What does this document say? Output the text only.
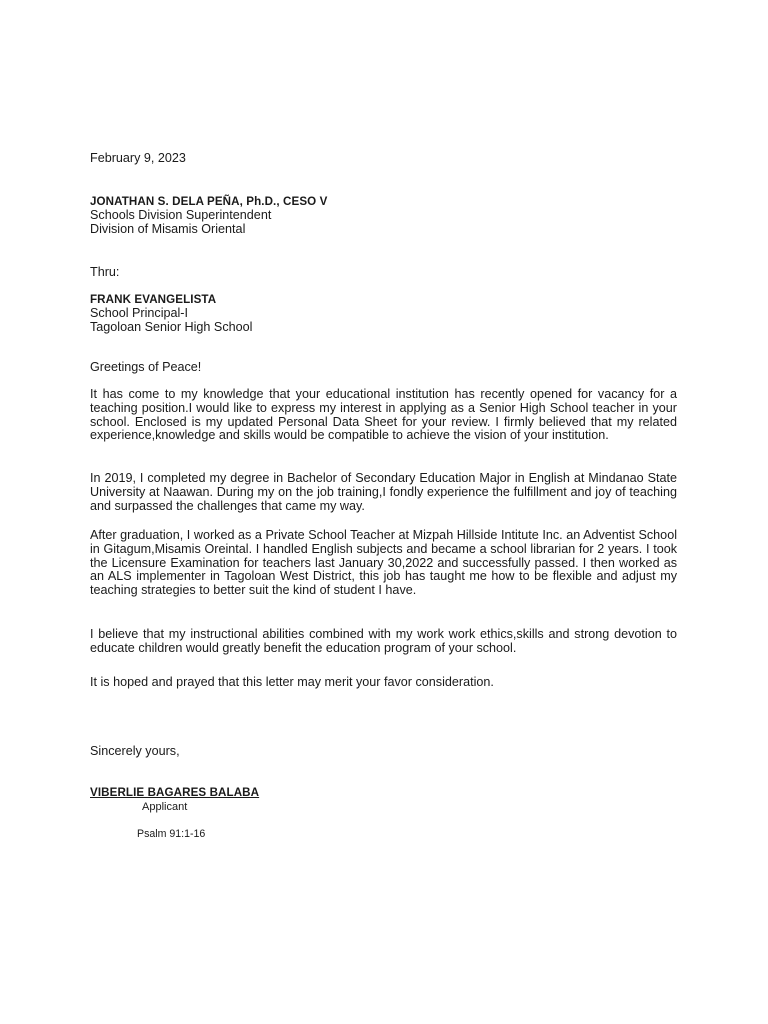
February 9, 2023
JONATHAN S. DELA PEÑA, Ph.D., CESO V
Schools Division Superintendent
Division of Misamis Oriental
Thru:
FRANK EVANGELISTA
School Principal-I
Tagoloan Senior High School
Greetings of Peace!

It has come to my knowledge that your educational institution has recently opened for vacancy for a teaching position.I would like to express my interest in applying as a Senior High School teacher in your school. Enclosed is my updated Personal Data Sheet for your review. I firmly believed that my related experience,knowledge and skills would be compatible to achieve the vision of your institution.

In 2019, I completed my degree in Bachelor of Secondary Education Major in English at Mindanao State University at Naawan. During my on the job training,I fondly experience the fulfillment and joy of teaching and surpassed the challenges that came my way.

After graduation, I worked as a Private School Teacher at Mizpah Hillside Intitute Inc. an Adventist School in Gitagum,Misamis Oreintal. I handled English subjects and became a school librarian for 2 years. I took the Licensure Examination for teachers last January 30,2022 and successfully passed. I then worked as an ALS implementer in Tagoloan West District, this job has taught me how to be flexible and adjust my teaching strategies to better suit the kind of student I have.

I believe that my instructional abilities combined with my work work ethics,skills and strong devotion to educate children would greatly benefit the education program of your school.

It is hoped and prayed that this letter may merit your favor consideration.

Sincerely yours,
VIBERLIE BAGARES BALABA
Applicant
Psalm 91:1-16
